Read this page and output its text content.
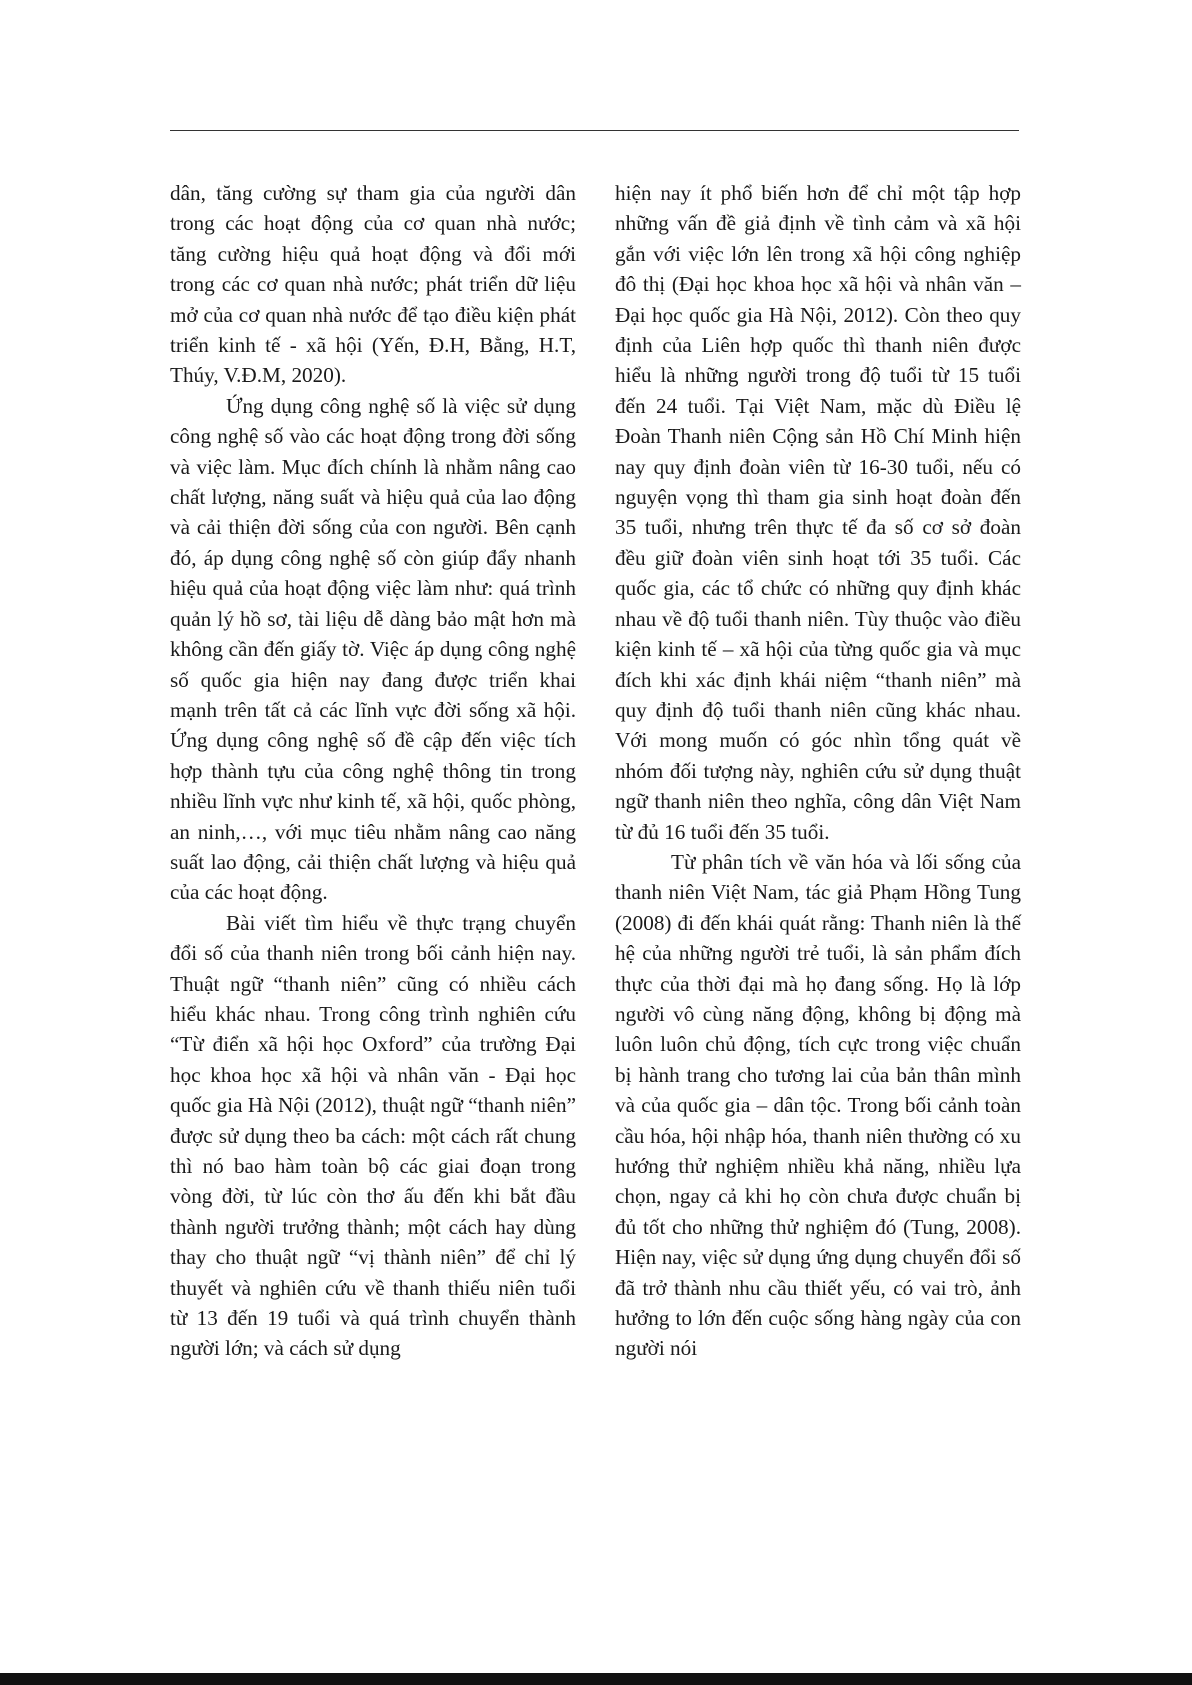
dân, tăng cường sự tham gia của người dân trong các hoạt động của cơ quan nhà nước; tăng cường hiệu quả hoạt động và đổi mới trong các cơ quan nhà nước; phát triển dữ liệu mở của cơ quan nhà nước để tạo điều kiện phát triển kinh tế - xã hội (Yến, Đ.H, Bằng, H.T, Thúy, V.Đ.M, 2020).

Ứng dụng công nghệ số là việc sử dụng công nghệ số vào các hoạt động trong đời sống và việc làm. Mục đích chính là nhằm nâng cao chất lượng, năng suất và hiệu quả của lao động và cải thiện đời sống của con người. Bên cạnh đó, áp dụng công nghệ số còn giúp đẩy nhanh hiệu quả của hoạt động việc làm như: quá trình quản lý hồ sơ, tài liệu dễ dàng bảo mật hơn mà không cần đến giấy tờ. Việc áp dụng công nghệ số quốc gia hiện nay đang được triển khai mạnh trên tất cả các lĩnh vực đời sống xã hội. Ứng dụng công nghệ số đề cập đến việc tích hợp thành tựu của công nghệ thông tin trong nhiều lĩnh vực như kinh tế, xã hội, quốc phòng, an ninh,…, với mục tiêu nhằm nâng cao năng suất lao động, cải thiện chất lượng và hiệu quả của các hoạt động.

Bài viết tìm hiểu về thực trạng chuyển đổi số của thanh niên trong bối cảnh hiện nay. Thuật ngữ “thanh niên” cũng có nhiều cách hiểu khác nhau. Trong công trình nghiên cứu “Từ điển xã hội học Oxford” của trường Đại học khoa học xã hội và nhân văn - Đại học quốc gia Hà Nội (2012), thuật ngữ “thanh niên” được sử dụng theo ba cách: một cách rất chung thì nó bao hàm toàn bộ các giai đoạn trong vòng đời, từ lúc còn thơ ấu đến khi bắt đầu thành người trưởng thành; một cách hay dùng thay cho thuật ngữ “vị thành niên” để chỉ lý thuyết và nghiên cứu về thanh thiếu niên tuổi từ 13 đến 19 tuổi và quá trình chuyển thành người lớn; và cách sử dụng

hiện nay ít phổ biến hơn để chỉ một tập hợp những vấn đề giả định về tình cảm và xã hội gắn với việc lớn lên trong xã hội công nghiệp đô thị (Đại học khoa học xã hội và nhân văn – Đại học quốc gia Hà Nội, 2012). Còn theo quy định của Liên hợp quốc thì thanh niên được hiểu là những người trong độ tuổi từ 15 tuổi đến 24 tuổi. Tại Việt Nam, mặc dù Điều lệ Đoàn Thanh niên Cộng sản Hồ Chí Minh hiện nay quy định đoàn viên từ 16-30 tuổi, nếu có nguyện vọng thì tham gia sinh hoạt đoàn đến 35 tuổi, nhưng trên thực tế đa số cơ sở đoàn đều giữ đoàn viên sinh hoạt tới 35 tuổi. Các quốc gia, các tổ chức có những quy định khác nhau về độ tuổi thanh niên. Tùy thuộc vào điều kiện kinh tế – xã hội của từng quốc gia và mục đích khi xác định khái niệm “thanh niên” mà quy định độ tuổi thanh niên cũng khác nhau. Với mong muốn có góc nhìn tổng quát về nhóm đối tượng này, nghiên cứu sử dụng thuật ngữ thanh niên theo nghĩa, công dân Việt Nam từ đủ 16 tuổi đến 35 tuổi.

Từ phân tích về văn hóa và lối sống của thanh niên Việt Nam, tác giả Phạm Hồng Tung (2008) đi đến khái quát rằng: Thanh niên là thế hệ của những người trẻ tuổi, là sản phẩm đích thực của thời đại mà họ đang sống. Họ là lớp người vô cùng năng động, không bị động mà luôn luôn chủ động, tích cực trong việc chuẩn bị hành trang cho tương lai của bản thân mình và của quốc gia – dân tộc. Trong bối cảnh toàn cầu hóa, hội nhập hóa, thanh niên thường có xu hướng thử nghiệm nhiều khả năng, nhiều lựa chọn, ngay cả khi họ còn chưa được chuẩn bị đủ tốt cho những thử nghiệm đó (Tung, 2008). Hiện nay, việc sử dụng ứng dụng chuyển đổi số đã trở thành nhu cầu thiết yếu, có vai trò, ảnh hưởng to lớn đến cuộc sống hàng ngày của con người nói
